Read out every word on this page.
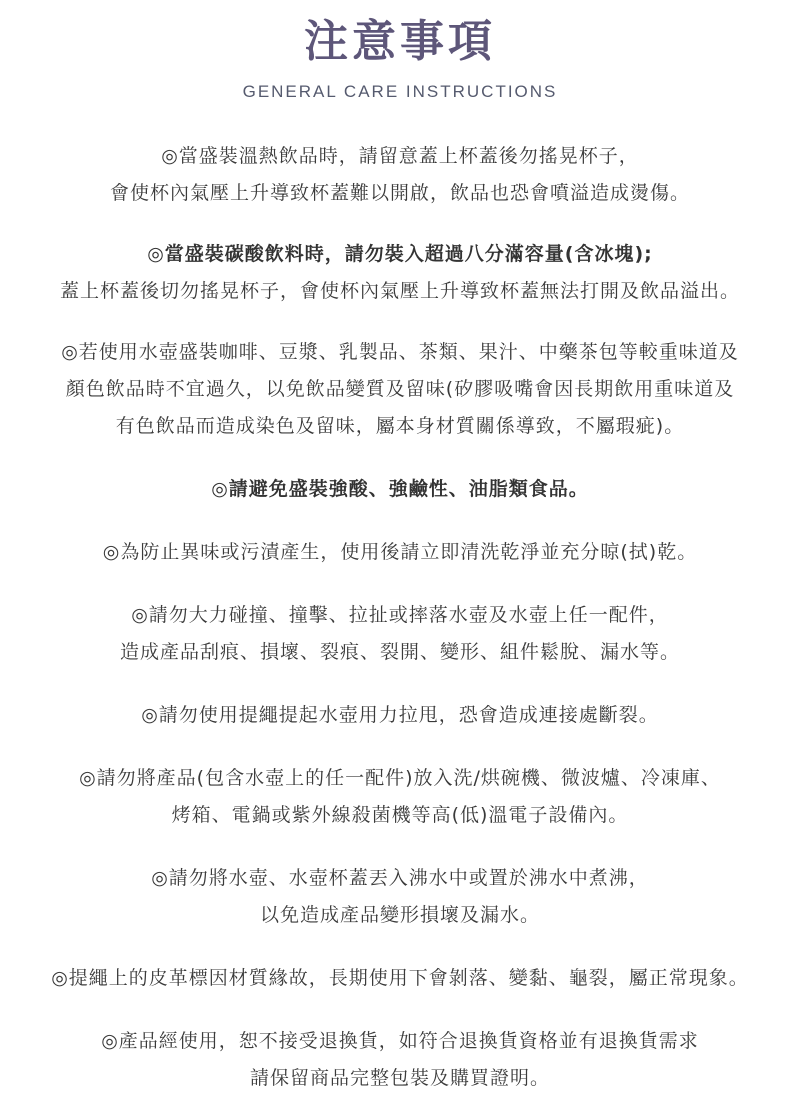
注意事項
GENERAL CARE INSTRUCTIONS

◎當盛裝溫熱飲品時，請留意蓋上杯蓋後勿搖晃杯子，
會使杯內氣壓上升導致杯蓋難以開啟，飲品也恐會噴溢造成燙傷。

◎當盛裝碳酸飲料時，請勿裝入超過八分滿容量(含冰塊);

蓋上杯蓋後切勿搖晃杯子，會使杯內氣壓上升導致杯蓋無法打開及飲品溢出。

◎若使用水壺盛裝咖啡、豆漿、乳製品、茶類、果汁、中藥茶包等較重味道及
顏色飲品時不宜過久，以免飲品變質及留味(矽膠吸嘴會因長期飲用重味道及
有色飲品而造成染色及留味，屬本身材質關係導致，不屬瑕疵)。

◎請避免盛裝強酸、強鹼性、油脂類食品。

◎為防止異味或污漬產生，使用後請立即清洗乾淨並充分晾(拭)乾。

◎請勿大力碰撞、撞擊、拉扯或摔落水壺及水壺上任一配件，
造成產品刮痕、損壞、裂痕、裂開、變形、組件鬆脫、漏水等。

◎請勿使用提繩提起水壺用力拉甩，恐會造成連接處斷裂。

◎請勿將產品(包含水壺上的任一配件)放入洗/烘碗機、微波爐、冷凍庫、
烤箱、電鍋或紫外線殺菌機等高(低)溫電子設備內。

◎請勿將水壺、水壺杯蓋丟入沸水中或置於沸水中煮沸，
以免造成產品變形損壞及漏水。

◎提繩上的皮革標因材質緣故，長期使用下會剝落、變黏、龜裂，屬正常現象。

◎產品經使用，恕不接受退換貨，如符合退換貨資格並有退換貨需求
請保留商品完整包裝及購買證明。
